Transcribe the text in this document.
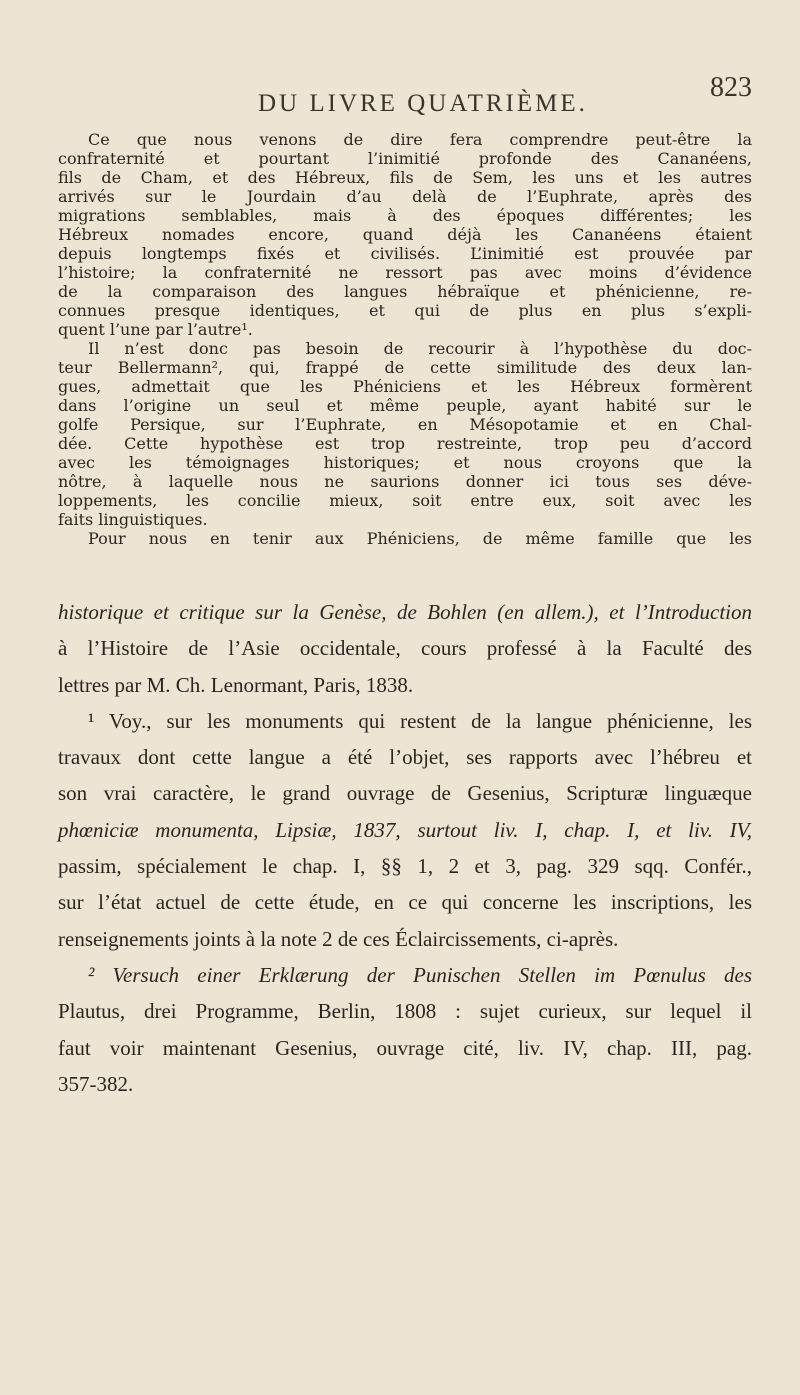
DU LIVRE QUATRIÈME.
823
Ce que nous venons de dire fera comprendre peut-être la
confraternité et pourtant l’inimitié profonde des Cananéens,
fils de Cham, et des Hébreux, fils de Sem, les uns et les autres
arrivés sur le Jourdain d’au delà de l’Euphrate, après des
migrations semblables, mais à des époques différentes; les
Hébreux nomades encore, quand déjà les Cananéens étaient
depuis longtemps fixés et civilisés. L’inimitié est prouvée par
l’histoire; la confraternité ne ressort pas avec moins d’évidence
de la comparaison des langues hébraïque et phénicienne, re-
connues presque identiques, et qui de plus en plus s’expli-
quent l’une par l’autre¹.
Il n’est donc pas besoin de recourir à l’hypothèse du doc-
teur Bellermann², qui, frappé de cette similitude des deux lan-
gues, admettait que les Phéniciens et les Hébreux formèrent
dans l’origine un seul et même peuple, ayant habité sur le
golfe Persique, sur l’Euphrate, en Mésopotamie et en Chal-
dée. Cette hypothèse est trop restreinte, trop peu d’accord
avec les témoignages historiques; et nous croyons que la
nôtre, à laquelle nous ne saurions donner ici tous ses déve-
loppements, les concilie mieux, soit entre eux, soit avec les
faits linguistiques.
Pour nous en tenir aux Phéniciens, de même famille que les

historique et critique sur la Genèse, de Bohlen (en allem.), et l’Introduction

à l’Histoire de l’Asie occidentale, cours professé à la Faculté des

lettres par M. Ch. Lenormant, Paris, 1838.

¹ Voy., sur les monuments qui restent de la langue phénicienne, les

travaux dont cette langue a été l’objet, ses rapports avec l’hébreu et

son vrai caractère, le grand ouvrage de Gesenius, Scripturæ linguæque

phœniciæ monumenta, Lipsiæ, 1837, surtout liv. I, chap. I, et liv. IV,

passim, spécialement le chap. I, §§ 1, 2 et 3, pag. 329 sqq. Confér.,

sur l’état actuel de cette étude, en ce qui concerne les inscriptions, les

renseignements joints à la note 2 de ces Éclaircissements, ci-après.

² Versuch einer Erklærung der Punischen Stellen im Pœnulus des

Plautus, drei Programme, Berlin, 1808 : sujet curieux, sur lequel il

faut voir maintenant Gesenius, ouvrage cité, liv. IV, chap. III, pag.

357-382.
